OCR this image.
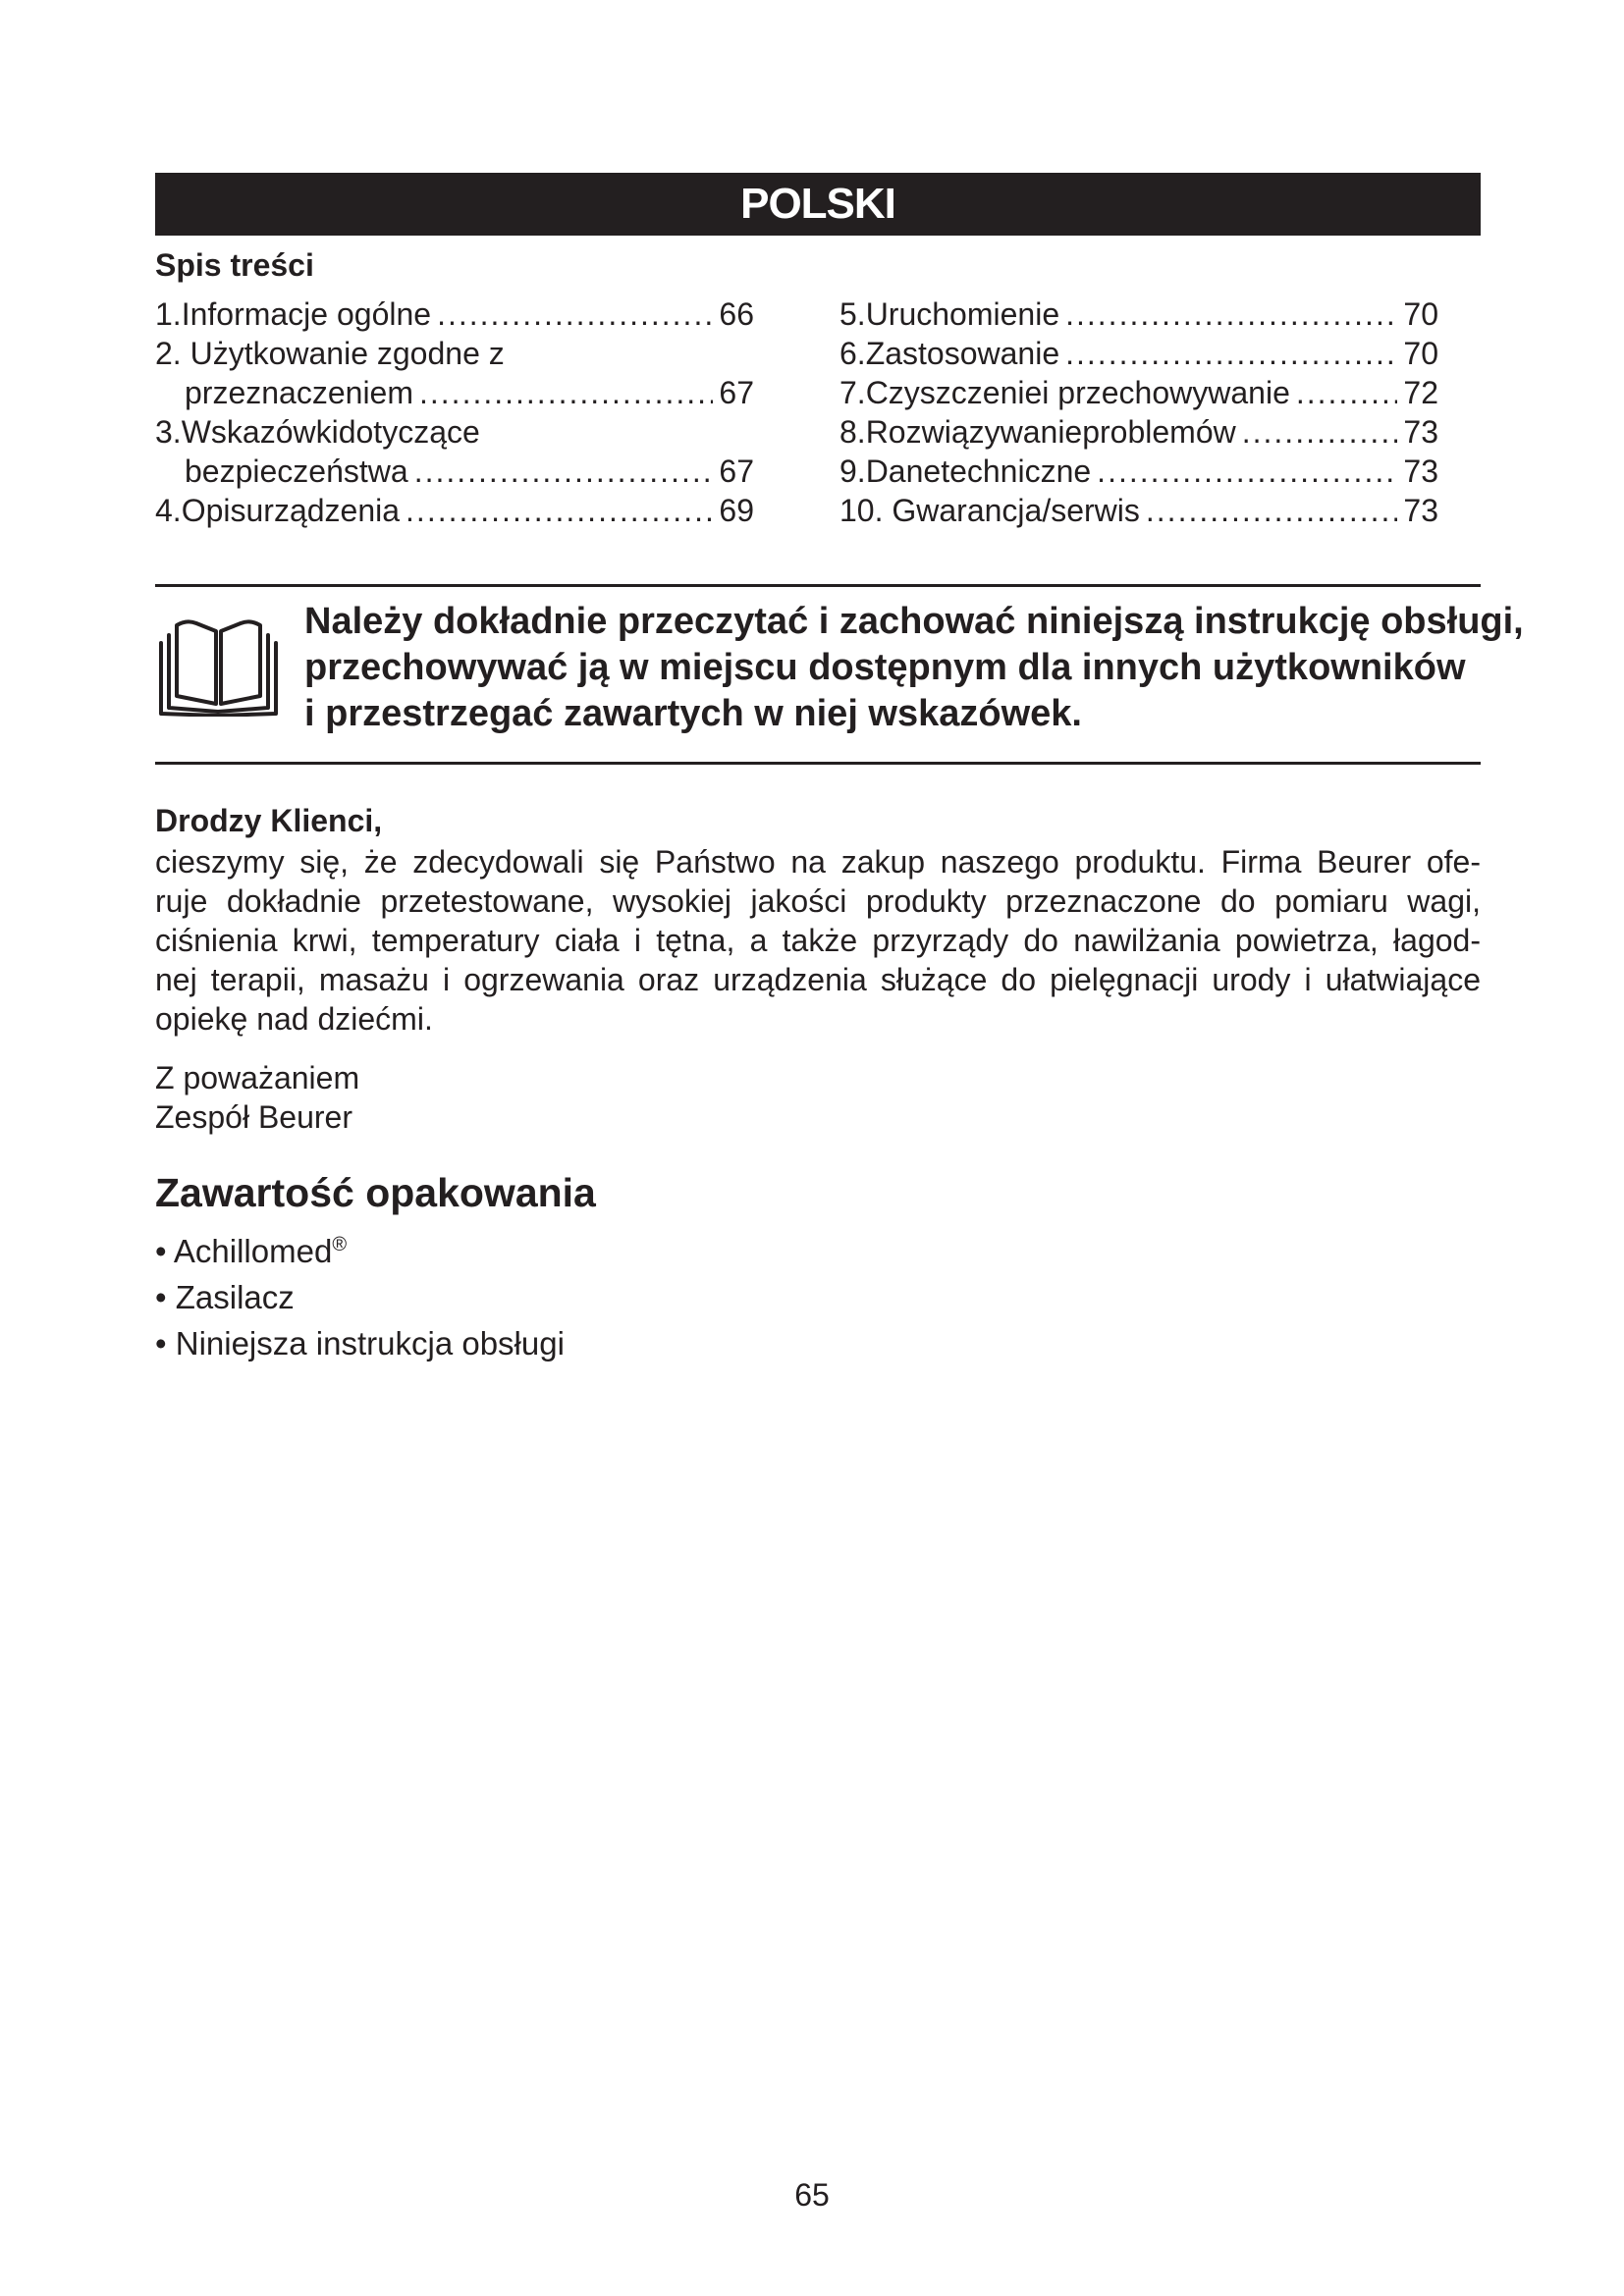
POLSKI
Spis treści
1.Informacje ogólne .....	66
2. Użytkowanie zgodne z
przeznaczeniem .....	67
3.Wskazówkidotyczące
bezpieczeństwa .....	67
4.Opisurządzenia .....	69
5.Uruchomienie .....	70
6.Zastosowanie .....	70
7.Czyszczeniei przechowywanie .....	72
8.Rozwiązywanieproblemów .....	73
9.Danetechniczne .....	73
10. Gwarancja/serwis .....	73
Należy dokładnie przeczytać i zachować niniejszą instrukcję obsługi,
przechowywać ją w miejscu dostępnym dla innych użytkowników
i przestrzegać zawartych w niej wskazówek.
Drodzy Klienci,
cieszymy się, że zdecydowali się Państwo na zakup naszego produktu. Firma Beurer ofe-
ruje dokładnie przetestowane, wysokiej jakości produkty przeznaczone do pomiaru wagi,
ciśnienia krwi, temperatury ciała i tętna, a także przyrządy do nawilżania powietrza, łagod-
nej terapii, masażu i ogrzewania oraz urządzenia służące do pielęgnacji urody i ułatwiające
opiekę nad dziećmi.
Z poważaniem
Zespół Beurer
Zawartość opakowania
• Achillomed®
• Zasilacz
• Niniejsza instrukcja obsługi
65
